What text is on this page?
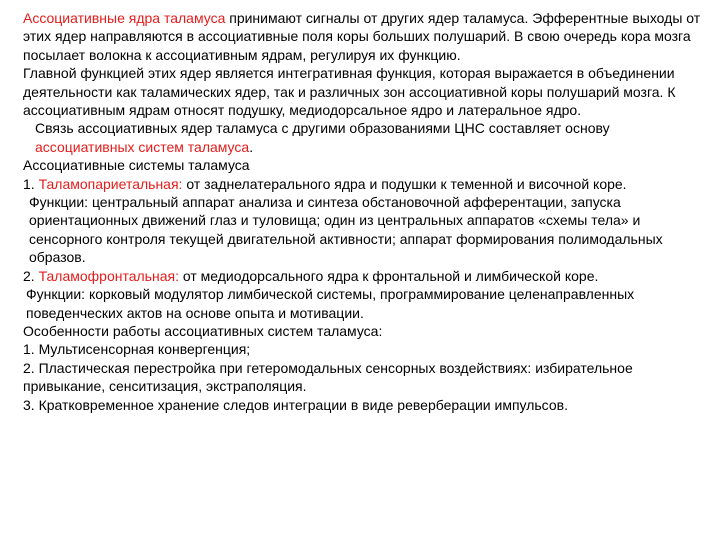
Ассоциативные ядра таламуса принимают сигналы от других ядер таламуса. Эфферентные выходы от этих ядер направляются в ассоциативные поля коры больших полушарий. В свою очередь кора мозга посылает волокна к ассоциативным ядрам, регулируя их функцию.

Главной функцией этих ядер является интегративная функция, которая выражается в объединении деятельности как таламических ядер, так и различных зон ассоциативной коры полушарий мозга. К ассоциативным ядрам относят подушку, медиодорсальное ядро и латеральное ядро.

Связь ассоциативных ядер таламуса с другими образованиями ЦНС составляет основу ассоциативных систем таламуса.

Ассоциативные системы таламуса

1. Таламопариетальная: от заднелатерального ядра и подушки к теменной и височной коре.

Функции: центральный аппарат анализа и синтеза обстановочной афферентации, запуска ориентационных движений глаз и туловища; один из центральных аппаратов «схемы тела» и сенсорного контроля текущей двигательной активности; аппарат формирования полимодальных образов.

2. Таламофронтальная: от медиодорсального ядра к фронтальной и лимбической коре.

Функции: корковый модулятор лимбической системы, программирование целенаправленных поведенческих актов на основе опыта и мотивации.

Особенности работы ассоциативных систем таламуса:

1. Мультисенсорная конвергенция;

2. Пластическая перестройка при гетеромодальных сенсорных воздействиях: избирательное привыкание, сенситизация, экстраполяция.

3. Кратковременное хранение следов интеграции в виде реверберации импульсов.
